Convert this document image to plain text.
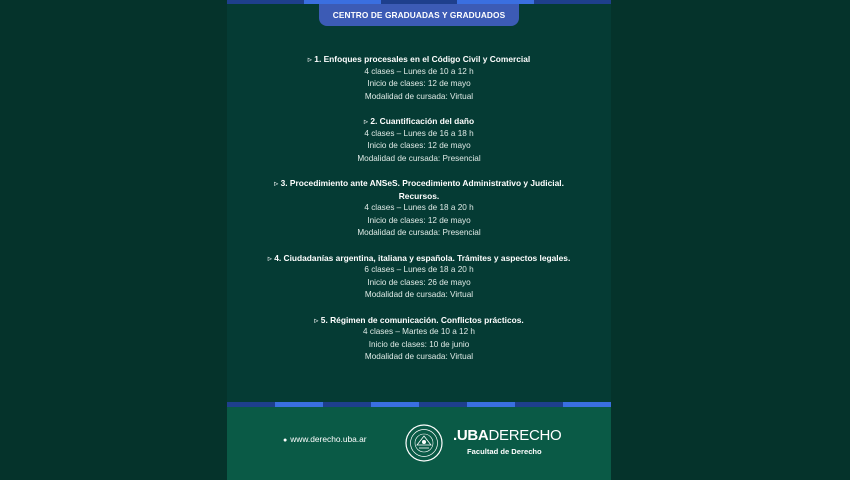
CENTRO DE GRADUADAS Y GRADUADOS
▹ 1. Enfoques procesales en el Código Civil y Comercial
4 clases – Lunes de 10 a 12 h
Inicio de clases: 12 de mayo
Modalidad de cursada: Virtual
▹ 2. Cuantificación del daño
4 clases – Lunes de 16 a 18 h
Inicio de clases: 12 de mayo
Modalidad de cursada: Presencial
▹ 3. Procedimiento ante ANSeS. Procedimiento Administrativo y Judicial. Recursos.
4 clases – Lunes de 18 a 20 h
Inicio de clases: 12 de mayo
Modalidad de cursada: Presencial
▹ 4. Ciudadanías argentina, italiana y española. Trámites y aspectos legales.
6 clases – Lunes de 18 a 20 h
Inicio de clases: 26 de mayo
Modalidad de cursada: Virtual
▹ 5. Régimen de comunicación. Conflictos prácticos.
4 clases – Martes de 10 a 12 h
Inicio de clases: 10 de junio
Modalidad de cursada: Virtual
● www.derecho.uba.ar	.UBADERECHO
Facultad de Derecho
